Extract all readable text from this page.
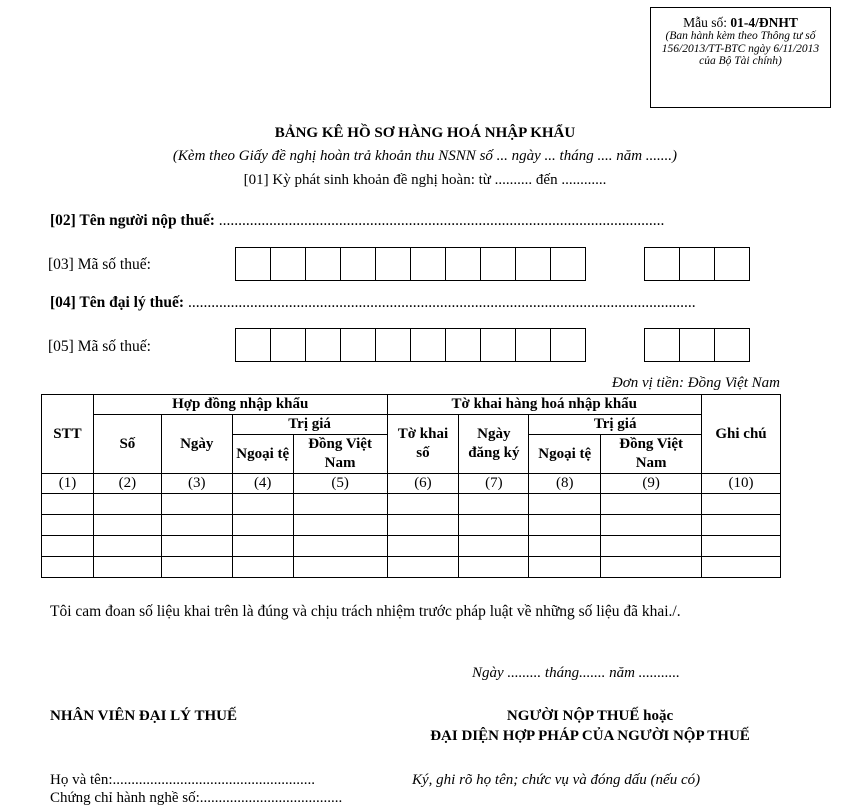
Mẫu số: 01-4/ĐNHT
(Ban hành kèm theo Thông tư số 156/2013/TT-BTC ngày 6/11/2013 của Bộ Tài chính)
BẢNG KÊ HỒ SƠ HÀNG HOÁ NHẬP KHẨU
(Kèm theo Giấy đề nghị hoàn trả khoản thu NSNN số ... ngày ... tháng .... năm .......)
[01] Kỳ phát sinh khoản đề nghị hoàn: từ .......... đến ............
[02] Tên người nộp thuế: ...................................................................................................................
[03] Mã số thuế:
[04] Tên đại lý thuế: ...................................................................................................................................
[05] Mã số thuế:
Đơn vị tiền: Đồng Việt Nam
STT	Hợp đồng nhập khẩu				Tờ khai hàng hoá nhập khẩu				Ghi chú
	Số	Ngày	Trị giá		Tờ khai số	Ngày đăng ký	Trị giá		
			Ngoại tệ	Đồng Việt Nam			Ngoại tệ	Đồng Việt Nam	
(1)	(2)	(3)	(4)	(5)	(6)	(7)	(8)	(9)	(10)

Tôi cam đoan số liệu khai trên là đúng và chịu trách nhiệm trước pháp luật về những số liệu đã khai./.
Ngày ......... tháng....... năm ...........
NHÂN VIÊN ĐẠI LÝ THUẾ	NGƯỜI NỘP THUẾ hoặc
ĐẠI DIỆN HỢP PHÁP CỦA NGƯỜI NỘP THUẾ
Họ và tên:......................................................	Ký, ghi rõ họ tên; chức vụ và đóng dấu (nếu có)
Chứng chỉ hành nghề số:......................................
